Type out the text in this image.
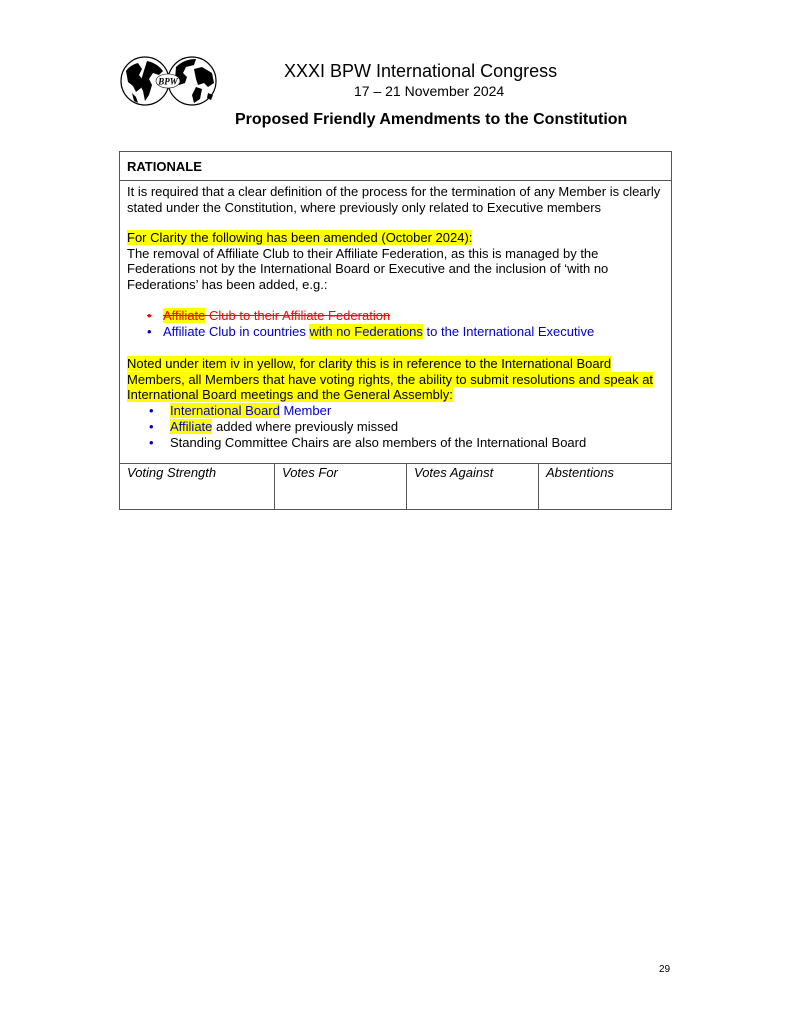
BPW
XXXI BPW International Congress
17 – 21 November 2024
Proposed Friendly Amendments to the Constitution
RATIONALE

It is required that a clear definition of the process for the termination of any Member is clearly stated under the Constitution, where previously only related to Executive members

For Clarity the following has been amended (October 2024):

The removal of Affiliate Club to their Affiliate Federation, as this is managed by the Federations not by the International Board or Executive and the inclusion of ‘with no Federations’ has been added, e.g.:

• Affiliate Club to their Affiliate Federation
• Affiliate Club in countries with no Federations to the International Executive

Noted under item iv in yellow, for clarity this is in reference to the International Board Members, all Members that have voting rights, the ability to submit resolutions and speak at International Board meetings and the General Assembly:

• International Board Member
• Affiliate added where previously missed
• Standing Committee Chairs are also members of the International Board

Voting Strength	Votes For	Votes Against	Abstentions
29
